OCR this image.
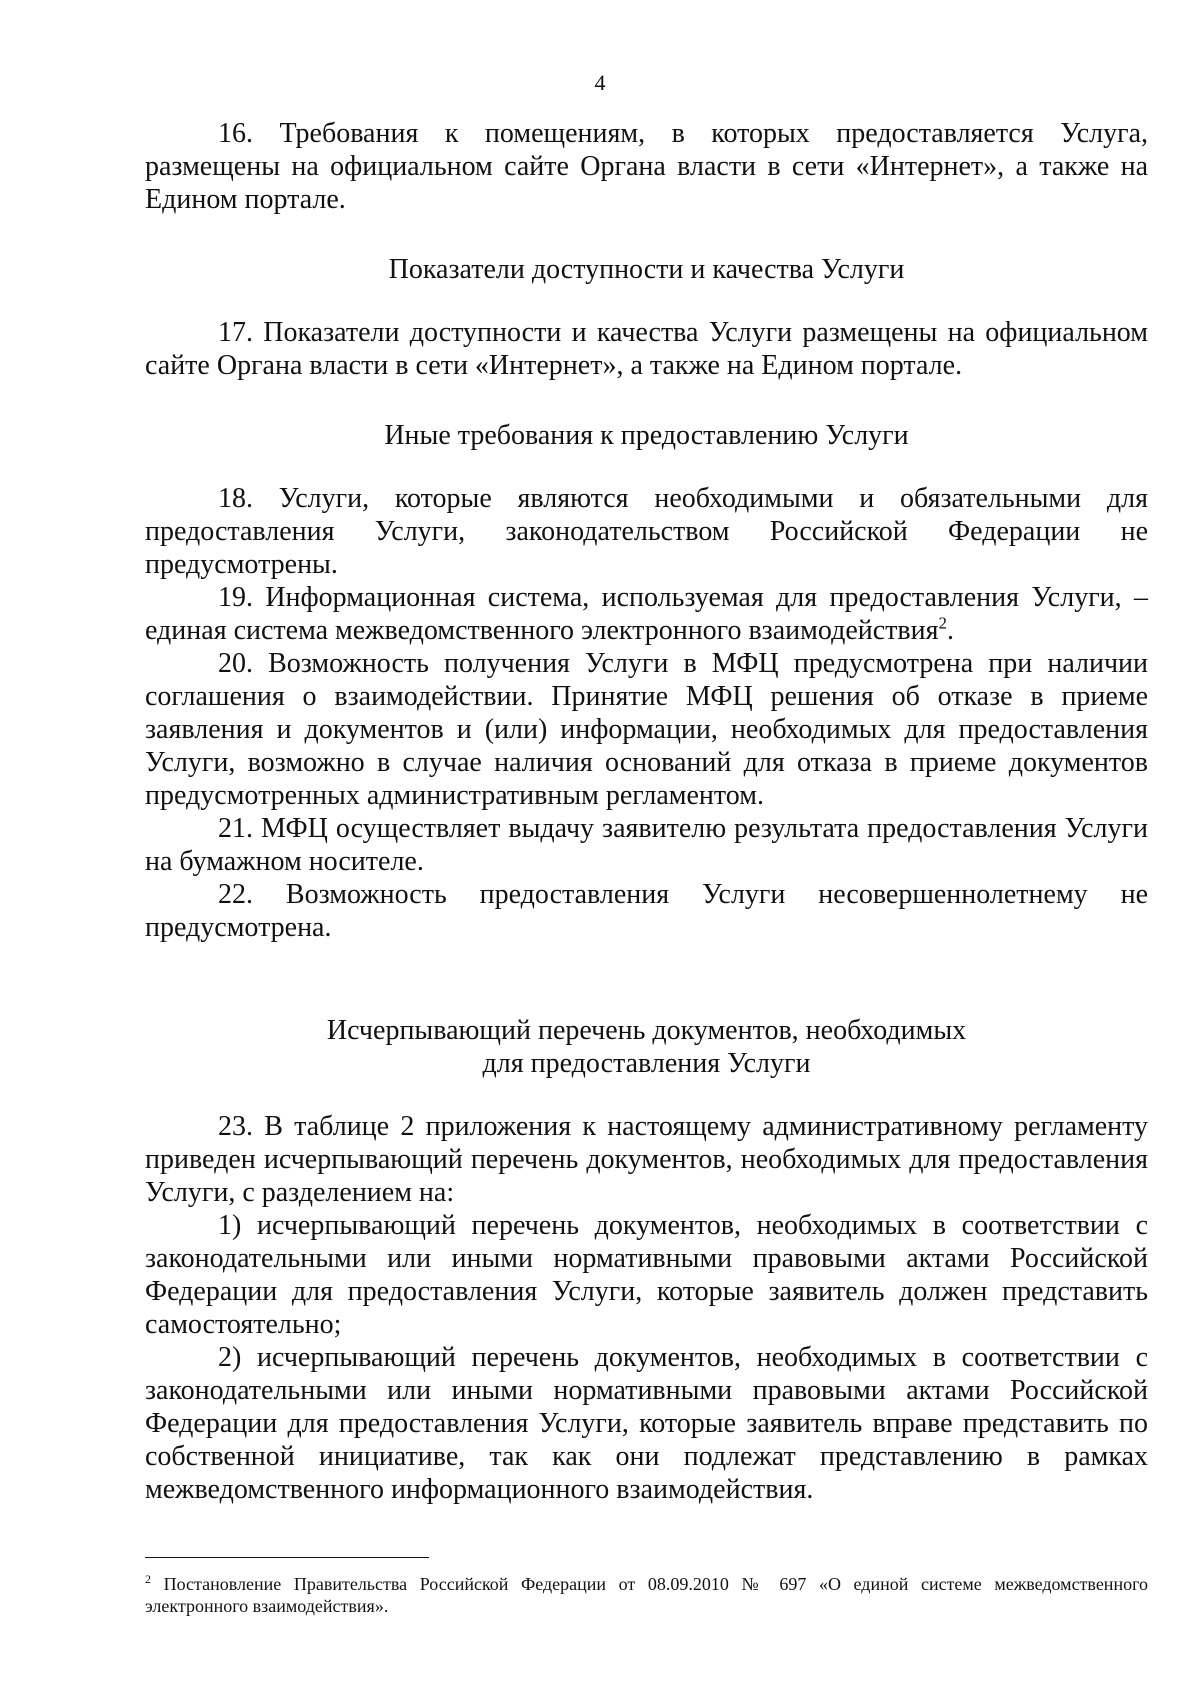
4

16. Требования к помещениям, в которых предоставляется Услуга, размещены на официальном сайте Органа власти в сети «Интернет», а также на Едином портале.

Показатели доступности и качества Услуги

17. Показатели доступности и качества Услуги размещены на официальном сайте Органа власти в сети «Интернет», а также на Едином портале.

Иные требования к предоставлению Услуги

18. Услуги, которые являются необходимыми и обязательными для предоставления Услуги, законодательством Российской Федерации не предусмотрены.

19. Информационная система, используемая для предоставления Услуги, – единая система межведомственного электронного взаимодействия$^2$.

20. Возможность получения Услуги в МФЦ предусмотрена при наличии соглашения о взаимодействии. Принятие МФЦ решения об отказе в приеме заявления и документов и (или) информации, необходимых для предоставления Услуги, возможно в случае наличия оснований для отказа в приеме документов предусмотренных административным регламентом.

21. МФЦ осуществляет выдачу заявителю результата предоставления Услуги на бумажном носителе.

22. Возможность предоставления Услуги несовершеннолетнему не предусмотрена.

Исчерпывающий перечень документов, необходимых
для предоставления Услуги

23. В таблице 2 приложения к настоящему административному регламенту приведен исчерпывающий перечень документов, необходимых для предоставления Услуги, с разделением на:

1) исчерпывающий перечень документов, необходимых в соответствии с законодательными или иными нормативными правовыми актами Российской Федерации для предоставления Услуги, которые заявитель должен представить самостоятельно;

2) исчерпывающий перечень документов, необходимых в соответствии с законодательными или иными нормативными правовыми актами Российской Федерации для предоставления Услуги, которые заявитель вправе представить по собственной инициативе, так как они подлежат представлению в рамках межведомственного информационного взаимодействия.

$^2$ Постановление Правительства Российской Федерации от 08.09.2010 № 697 «О единой системе межведомственного электронного взаимодействия».
